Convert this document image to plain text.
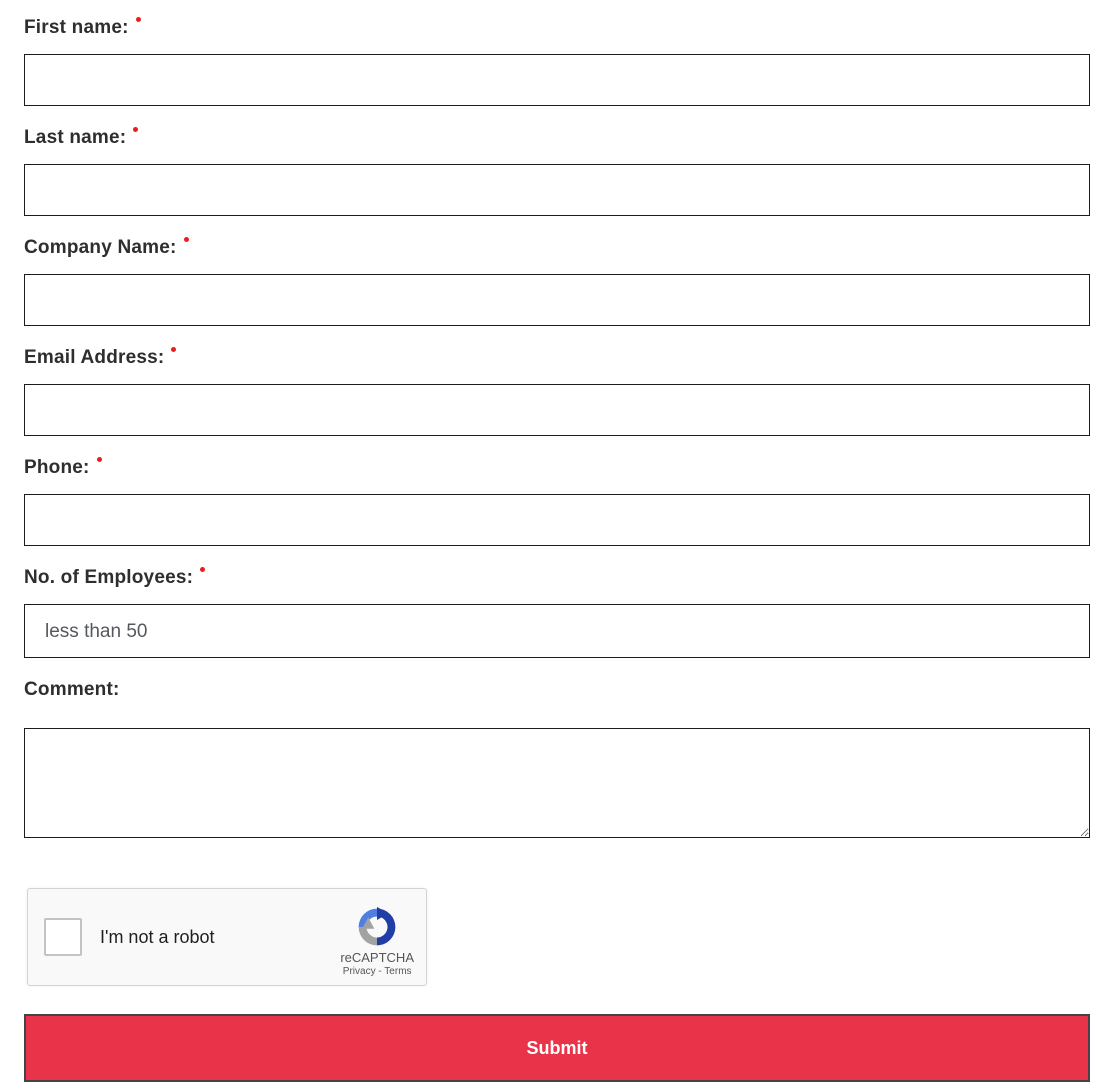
First name:
Last name:
Company Name:
Email Address:
Phone:
No. of Employees:
less than 50
Comment:
I'm not a robot
reCAPTCHA
Privacy - Terms
Submit
